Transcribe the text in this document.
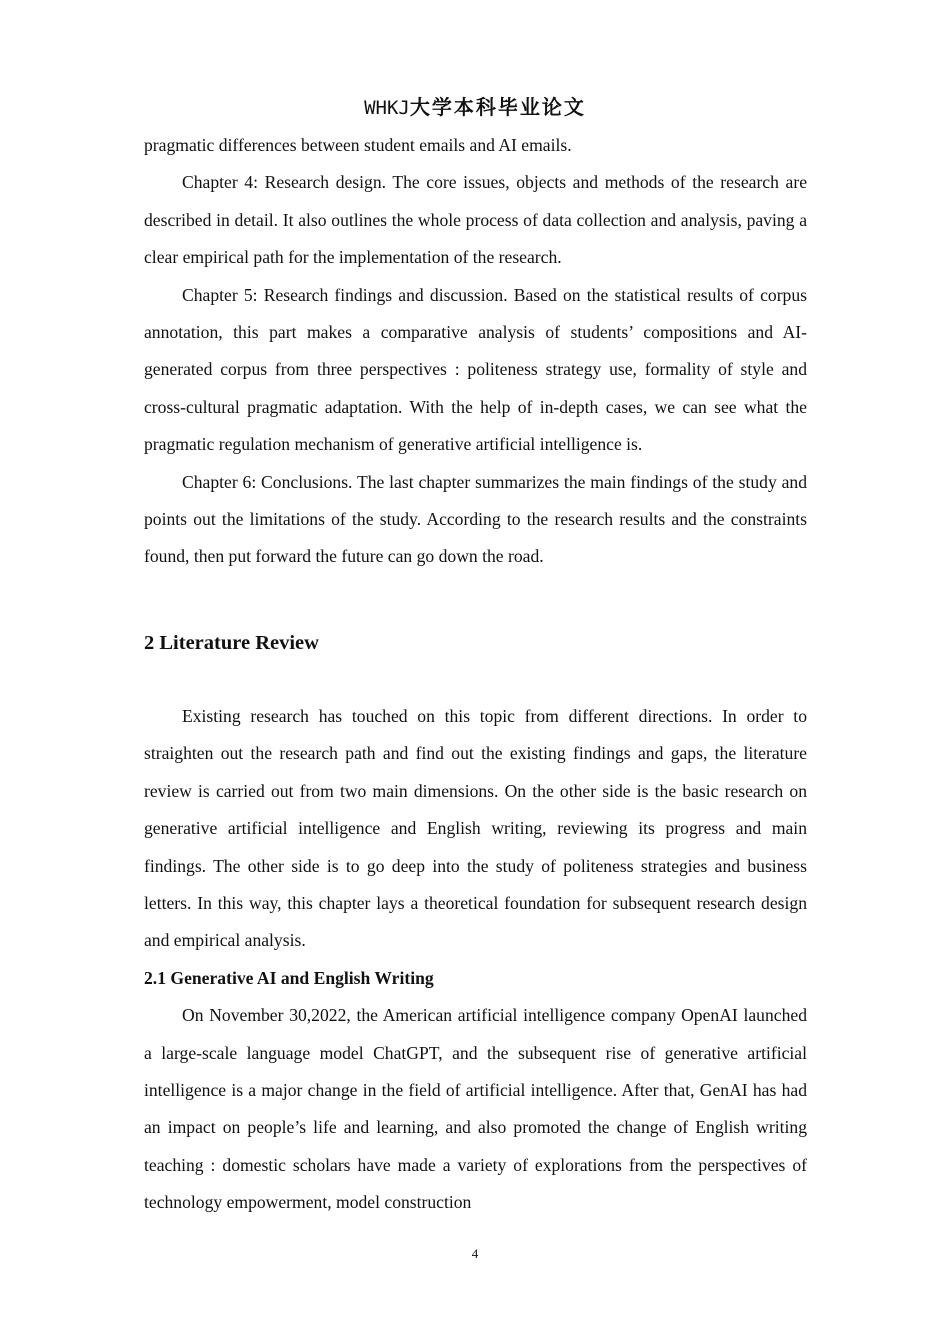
WHKJ大学本科毕业论文

pragmatic differences between student emails and AI emails.

Chapter 4: Research design. The core issues, objects and methods of the research are described in detail. It also outlines the whole process of data collection and analysis, paving a clear empirical path for the implementation of the research.

Chapter 5: Research findings and discussion. Based on the statistical results of corpus annotation, this part makes a comparative analysis of students’ compositions and AI-generated corpus from three perspectives : politeness strategy use, formality of style and cross-cultural pragmatic adaptation. With the help of in-depth cases, we can see what the pragmatic regulation mechanism of generative artificial intelligence is.

Chapter 6: Conclusions. The last chapter summarizes the main findings of the study and points out the limitations of the study. According to the research results and the constraints found, then put forward the future can go down the road.

2 Literature Review

Existing research has touched on this topic from different directions. In order to straighten out the research path and find out the existing findings and gaps, the literature review is carried out from two main dimensions. On the other side is the basic research on generative artificial intelligence and English writing, reviewing its progress and main findings. The other side is to go deep into the study of politeness strategies and business letters. In this way, this chapter lays a theoretical foundation for subsequent research design and empirical analysis.

2.1 Generative AI and English Writing

On November 30,2022, the American artificial intelligence company OpenAI launched a large-scale language model ChatGPT, and the subsequent rise of generative artificial intelligence is a major change in the field of artificial intelligence. After that, GenAI has had an impact on people’s life and learning, and also promoted the change of English writing teaching : domestic scholars have made a variety of explorations from the perspectives of technology empowerment, model construction

4
